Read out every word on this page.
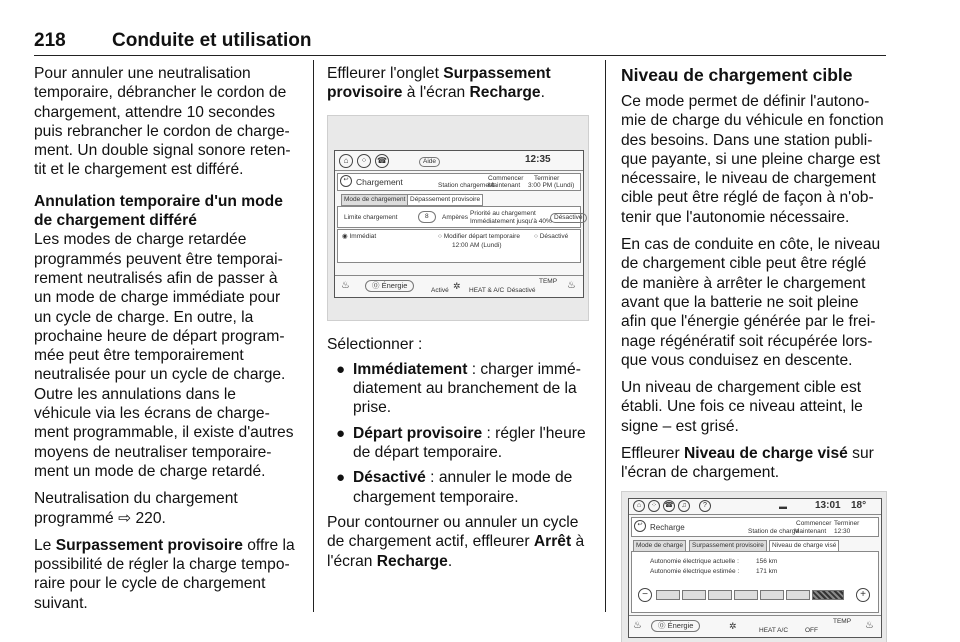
218 Conduite et utilisation

Pour annuler une neutralisation temporaire, débrancher le cordon de chargement, attendre 10 secondes puis rebrancher le cordon de chargement. Un double signal sonore retentit et le chargement est différé.

Annulation temporaire d'un mode de chargement différé

Les modes de charge retardée programmés peuvent être temporairement neutralisés afin de passer à un mode de charge immédiate pour un cycle de charge. En outre, la prochaine heure de départ programmée peut être temporairement neutralisée pour un cycle de charge. Outre les annulations dans le véhicule via les écrans de chargement programmable, il existe d'autres moyens de neutraliser temporairement un mode de charge retardé.

Neutralisation du chargement programmé ⇨ 220.

Le Surpassement provisoire offre la possibilité de régler la charge temporaire pour le cycle de chargement suivant.

Effleurer l'onglet Surpassement provisoire à l'écran Recharge.

⌂	⁘	☎	Aide	12:35
↩ Chargement	Station chargement
Commencer
Maintenant
Terminer
3:00 PM (Lundi)
Mode de chargement Dépassement provisoire
Limite chargement	8	Ampères
Priorité au chargement
Immédiatement jusqu'à 40%
Désactivé
◉ Immédiat	○ Modifier départ temporaire
12:00 AM (Lundi)
○ Désactivé
♨	⓪ Énergie
Activé ✲ HEAT & A/C Désactivé
TEMP ♨

Sélectionner :

● Immédiatement : charger immédiatement au branchement de la prise.
● Départ provisoire : régler l'heure de départ temporaire.
● Désactivé : annuler le mode de chargement temporaire.

Pour contourner ou annuler un cycle de chargement actif, effleurer Arrêt à l'écran Recharge.

Niveau de chargement cible

Ce mode permet de définir l'autonomie de charge du véhicule en fonction des besoins. Dans une station publique payante, si une pleine charge est nécessaire, le niveau de chargement cible peut être réglé de façon à n'obtenir que l'autonomie nécessaire.

En cas de conduite en côte, le niveau de chargement cible peut être réglé de manière à arrêter le chargement avant que la batterie ne soit pleine afin que l'énergie générée par le freinage régénératif soit récupérée lorsque vous conduisez en descente.

Un niveau de chargement cible est établi. Une fois ce niveau atteint, le signe – est grisé.

Effleurer Niveau de charge visé sur l'écran de chargement.

⌂	⁘	☎	♫	?	▬	13:01 18°
↩ Recharge	Station de charge
Commencer
Maintenant
Terminer
12:30
Mode de charge	Surpassement provisoire	Niveau de charge visé
Autonomie électrique actuelle :	156 km
Autonomie électrique estimée :	171 km
−	+
♨	⓪ Énergie	✲	HEAT A/C	OFF
TEMP ♨
